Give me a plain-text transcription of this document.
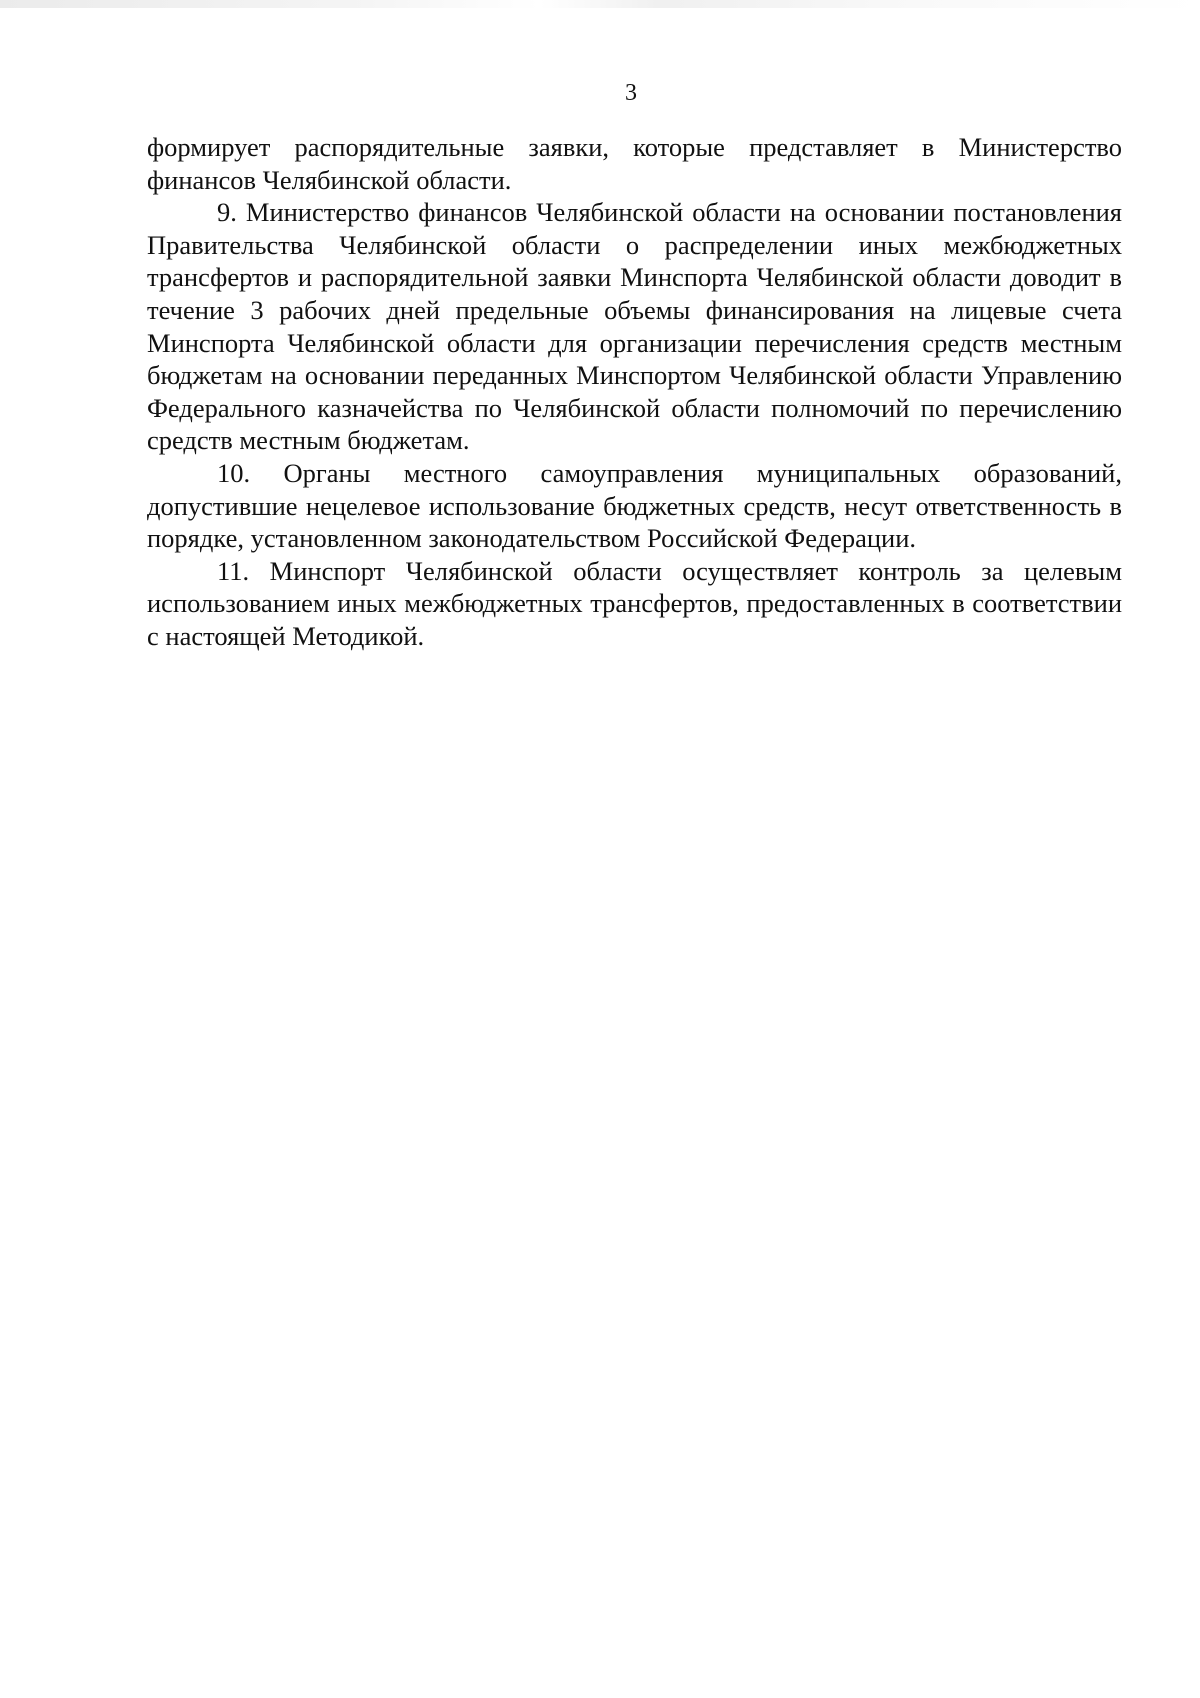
3

формирует распорядительные заявки, которые представляет в Министерство финансов Челябинской области.

9. Министерство финансов Челябинской области на основании постановления Правительства Челябинской области о распределении иных межбюджетных трансфертов и распорядительной заявки Минспорта Челябинской области доводит в течение 3 рабочих дней предельные объемы финансирования на лицевые счета Минспорта Челябинской области для организации перечисления средств местным бюджетам на основании переданных Минспортом Челябинской области Управлению Федерального казначейства по Челябинской области полномочий по перечислению средств местным бюджетам.

10. Органы местного самоуправления муниципальных образований, допустившие нецелевое использование бюджетных средств, несут ответственность в порядке, установленном законодательством Российской Федерации.

11. Минспорт Челябинской области осуществляет контроль за целевым использованием иных межбюджетных трансфертов, предоставленных в соответствии с настоящей Методикой.
